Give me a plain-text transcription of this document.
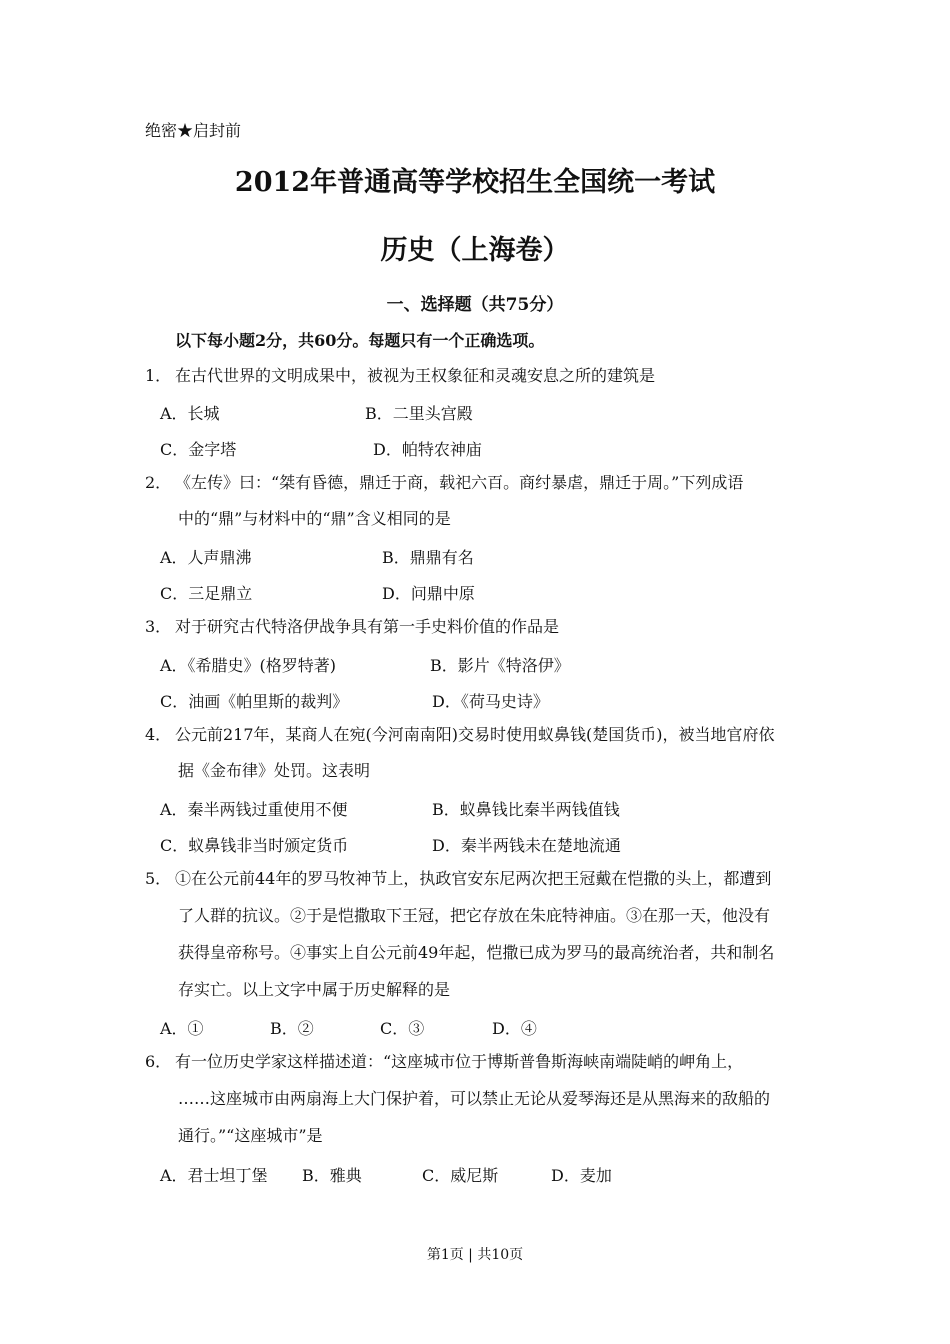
绝密★启封前
2012年普通高等学校招生全国统一考试
历史（上海卷）
一、选择题（共75分）
以下每小题2分，共60分。每题只有一个正确选项。
1． 在古代世界的文明成果中，被视为王权象征和灵魂安息之所的建筑是
A．长城	B．二里头宫殿
C．金字塔	D．帕特农神庙
2． 《左传》曰：“桀有昏德，鼎迁于商，载祀六百。商纣暴虐，鼎迁于周。”下列成语
中的“鼎”与材料中的“鼎”含义相同的是
A．人声鼎沸	B．鼎鼎有名
C．三足鼎立	D．问鼎中原
3． 对于研究古代特洛伊战争具有第一手史料价值的作品是
A．《希腊史》(格罗特著)	B．影片《特洛伊》
C．油画《帕里斯的裁判》	D．《荷马史诗》
4． 公元前217年，某商人在宛(今河南南阳)交易时使用蚁鼻钱(楚国货币)，被当地官府依
据《金布律》处罚。这表明
A．秦半两钱过重使用不便	B．蚁鼻钱比秦半两钱值钱
C．蚁鼻钱非当时颁定货币	D．秦半两钱未在楚地流通
5． ①在公元前44年的罗马牧神节上，执政官安东尼两次把王冠戴在恺撒的头上，都遭到
了人群的抗议。②于是恺撒取下王冠，把它存放在朱庇特神庙。③在那一天，他没有
获得皇帝称号。④事实上自公元前49年起，恺撒已成为罗马的最高统治者，共和制名
存实亡。以上文字中属于历史解释的是
A．①	B．②	C．③	D．④
6． 有一位历史学家这样描述道：“这座城市位于博斯普鲁斯海峡南端陡峭的岬角上，
……这座城市由两扇海上大门保护着，可以禁止无论从爱琴海还是从黑海来的敌船的
通行。”“这座城市”是
A．君士坦丁堡 B．雅典	C．威尼斯	D．麦加
第1页 | 共10页
